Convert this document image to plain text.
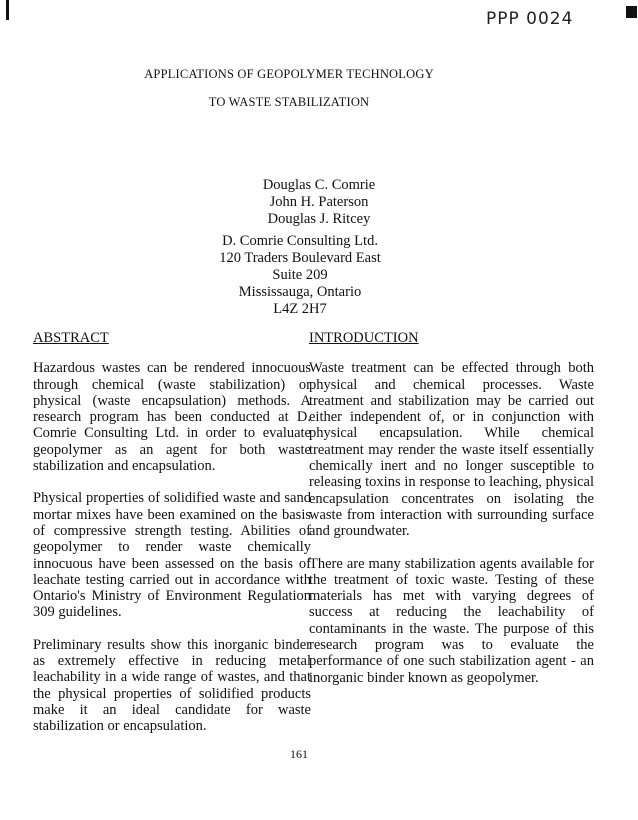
PPP 0024
APPLICATIONS OF GEOPOLYMER TECHNOLOGY
TO WASTE STABILIZATION
Douglas C. Comrie
John H. Paterson
Douglas J. Ritcey
D. Comrie Consulting Ltd.
120 Traders Boulevard East
Suite 209
Mississauga, Ontario
L4Z 2H7
ABSTRACT

Hazardous wastes can be rendered innocuous through chemical (waste stabilization) or physical (waste encapsulation) methods. A research program has been conducted at D. Comrie Consulting Ltd. in order to evaluate geopolymer as an agent for both waste stabilization and encapsulation.

Physical properties of solidified waste and sand mortar mixes have been examined on the basis of compressive strength testing. Abilities of geopolymer to render waste chemically innocuous have been assessed on the basis of leachate testing carried out in accordance with Ontario's Ministry of Environment Regulation 309 guidelines.

Preliminary results show this inorganic binder as extremely effective in reducing metal leachability in a wide range of wastes, and that the physical properties of solidified products make it an ideal candidate for waste stabilization or encapsulation.

INTRODUCTION

Waste treatment can be effected through both physical and chemical processes. Waste treatment and stabilization may be carried out either independent of, or in conjunction with physical encapsulation. While chemical treatment may render the waste itself essentially chemically inert and no longer susceptible to releasing toxins in response to leaching, physical encapsulation concentrates on isolating the waste from interaction with surrounding surface and groundwater.

There are many stabilization agents available for the treatment of toxic waste. Testing of these materials has met with varying degrees of success at reducing the leachability of contaminants in the waste. The purpose of this research program was to evaluate the performance of one such stabilization agent - an inorganic binder known as geopolymer.

161
